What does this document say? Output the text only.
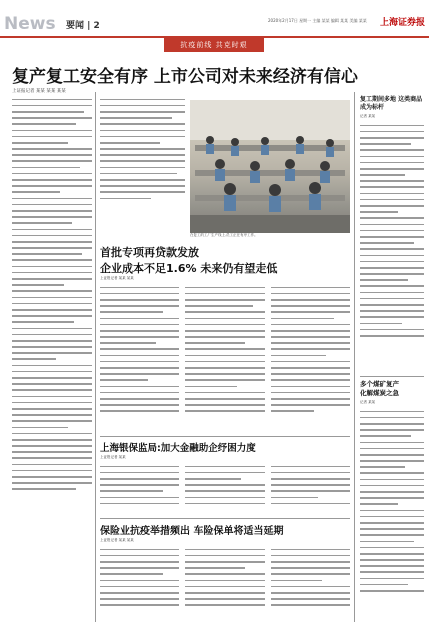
News 要闻 | 2
2020年2月17日 星期一 主编 某某 编辑 某某 美编 某某	上海证券报
抗疫前线 共克时艰
复产复工安全有序 上市公司对未来经济有信心
上证报记者 某某 某某 某某
在复工的工厂生产线上,员工正在有序工作。
复工期间多地 这类商品成为标杆
记者 某某
首批专项再贷款发放
企业成本不足1.6% 未来仍有望走低
上证报记者 某某 某某
上海银保监局:加大金融助企纾困力度
上证报记者 某某
保险业抗疫举措频出 车险保单将适当延期
上证报记者 某某 某某
多个煤矿复产
化解煤炭之急
记者 某某
